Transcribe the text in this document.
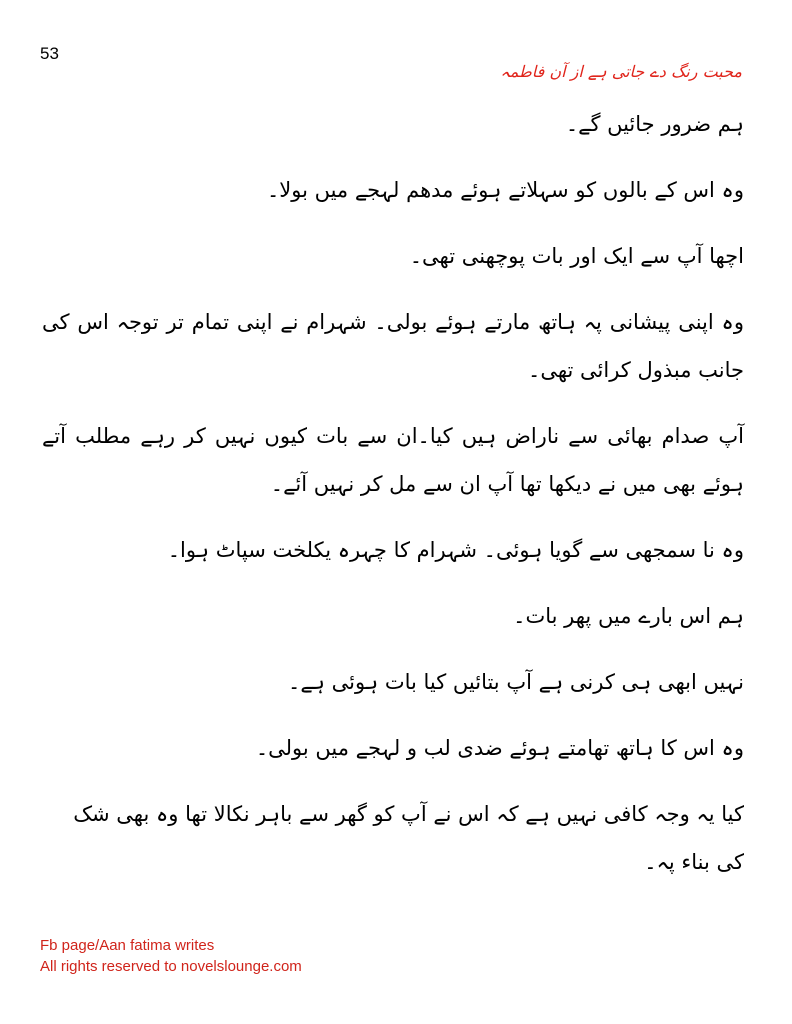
53
محبت رنگ دے جاتی ہے از آن فاطمہ

ہم ضرور جائیں گے۔

وہ اس کے بالوں کو سہلاتے ہوئے مدھم لہجے میں بولا۔

اچھا آپ سے ایک اور بات پوچھنی تھی۔

وہ اپنی پیشانی پہ ہاتھ مارتے ہوئے بولی۔ شہرام نے اپنی تمام تر توجہ اس کی جانب مبذول کرائی تھی۔

آپ صدام بھائی سے ناراض ہیں کیا۔ان سے بات کیوں نہیں کر رہے مطلب آتے ہوئے بھی میں نے دیکھا تھا آپ ان سے مل کر نہیں آئے۔

وہ نا سمجھی سے گویا ہوئی۔ شہرام کا چہرہ یکلخت سپاٹ ہوا۔

ہم اس بارے میں پھر بات۔

نہیں ابھی ہی کرنی ہے آپ بتائیں کیا بات ہوئی ہے۔

وہ اس کا ہاتھ تھامتے ہوئے ضدی لب و لہجے میں بولی۔

کیا یہ وجہ کافی نہیں ہے کہ اس نے آپ کو گھر سے باہر نکالا تھا وہ بھی شک کی بناء پہ۔

Fb page/Aan fatima writes
All rights reserved to novelslounge.com
